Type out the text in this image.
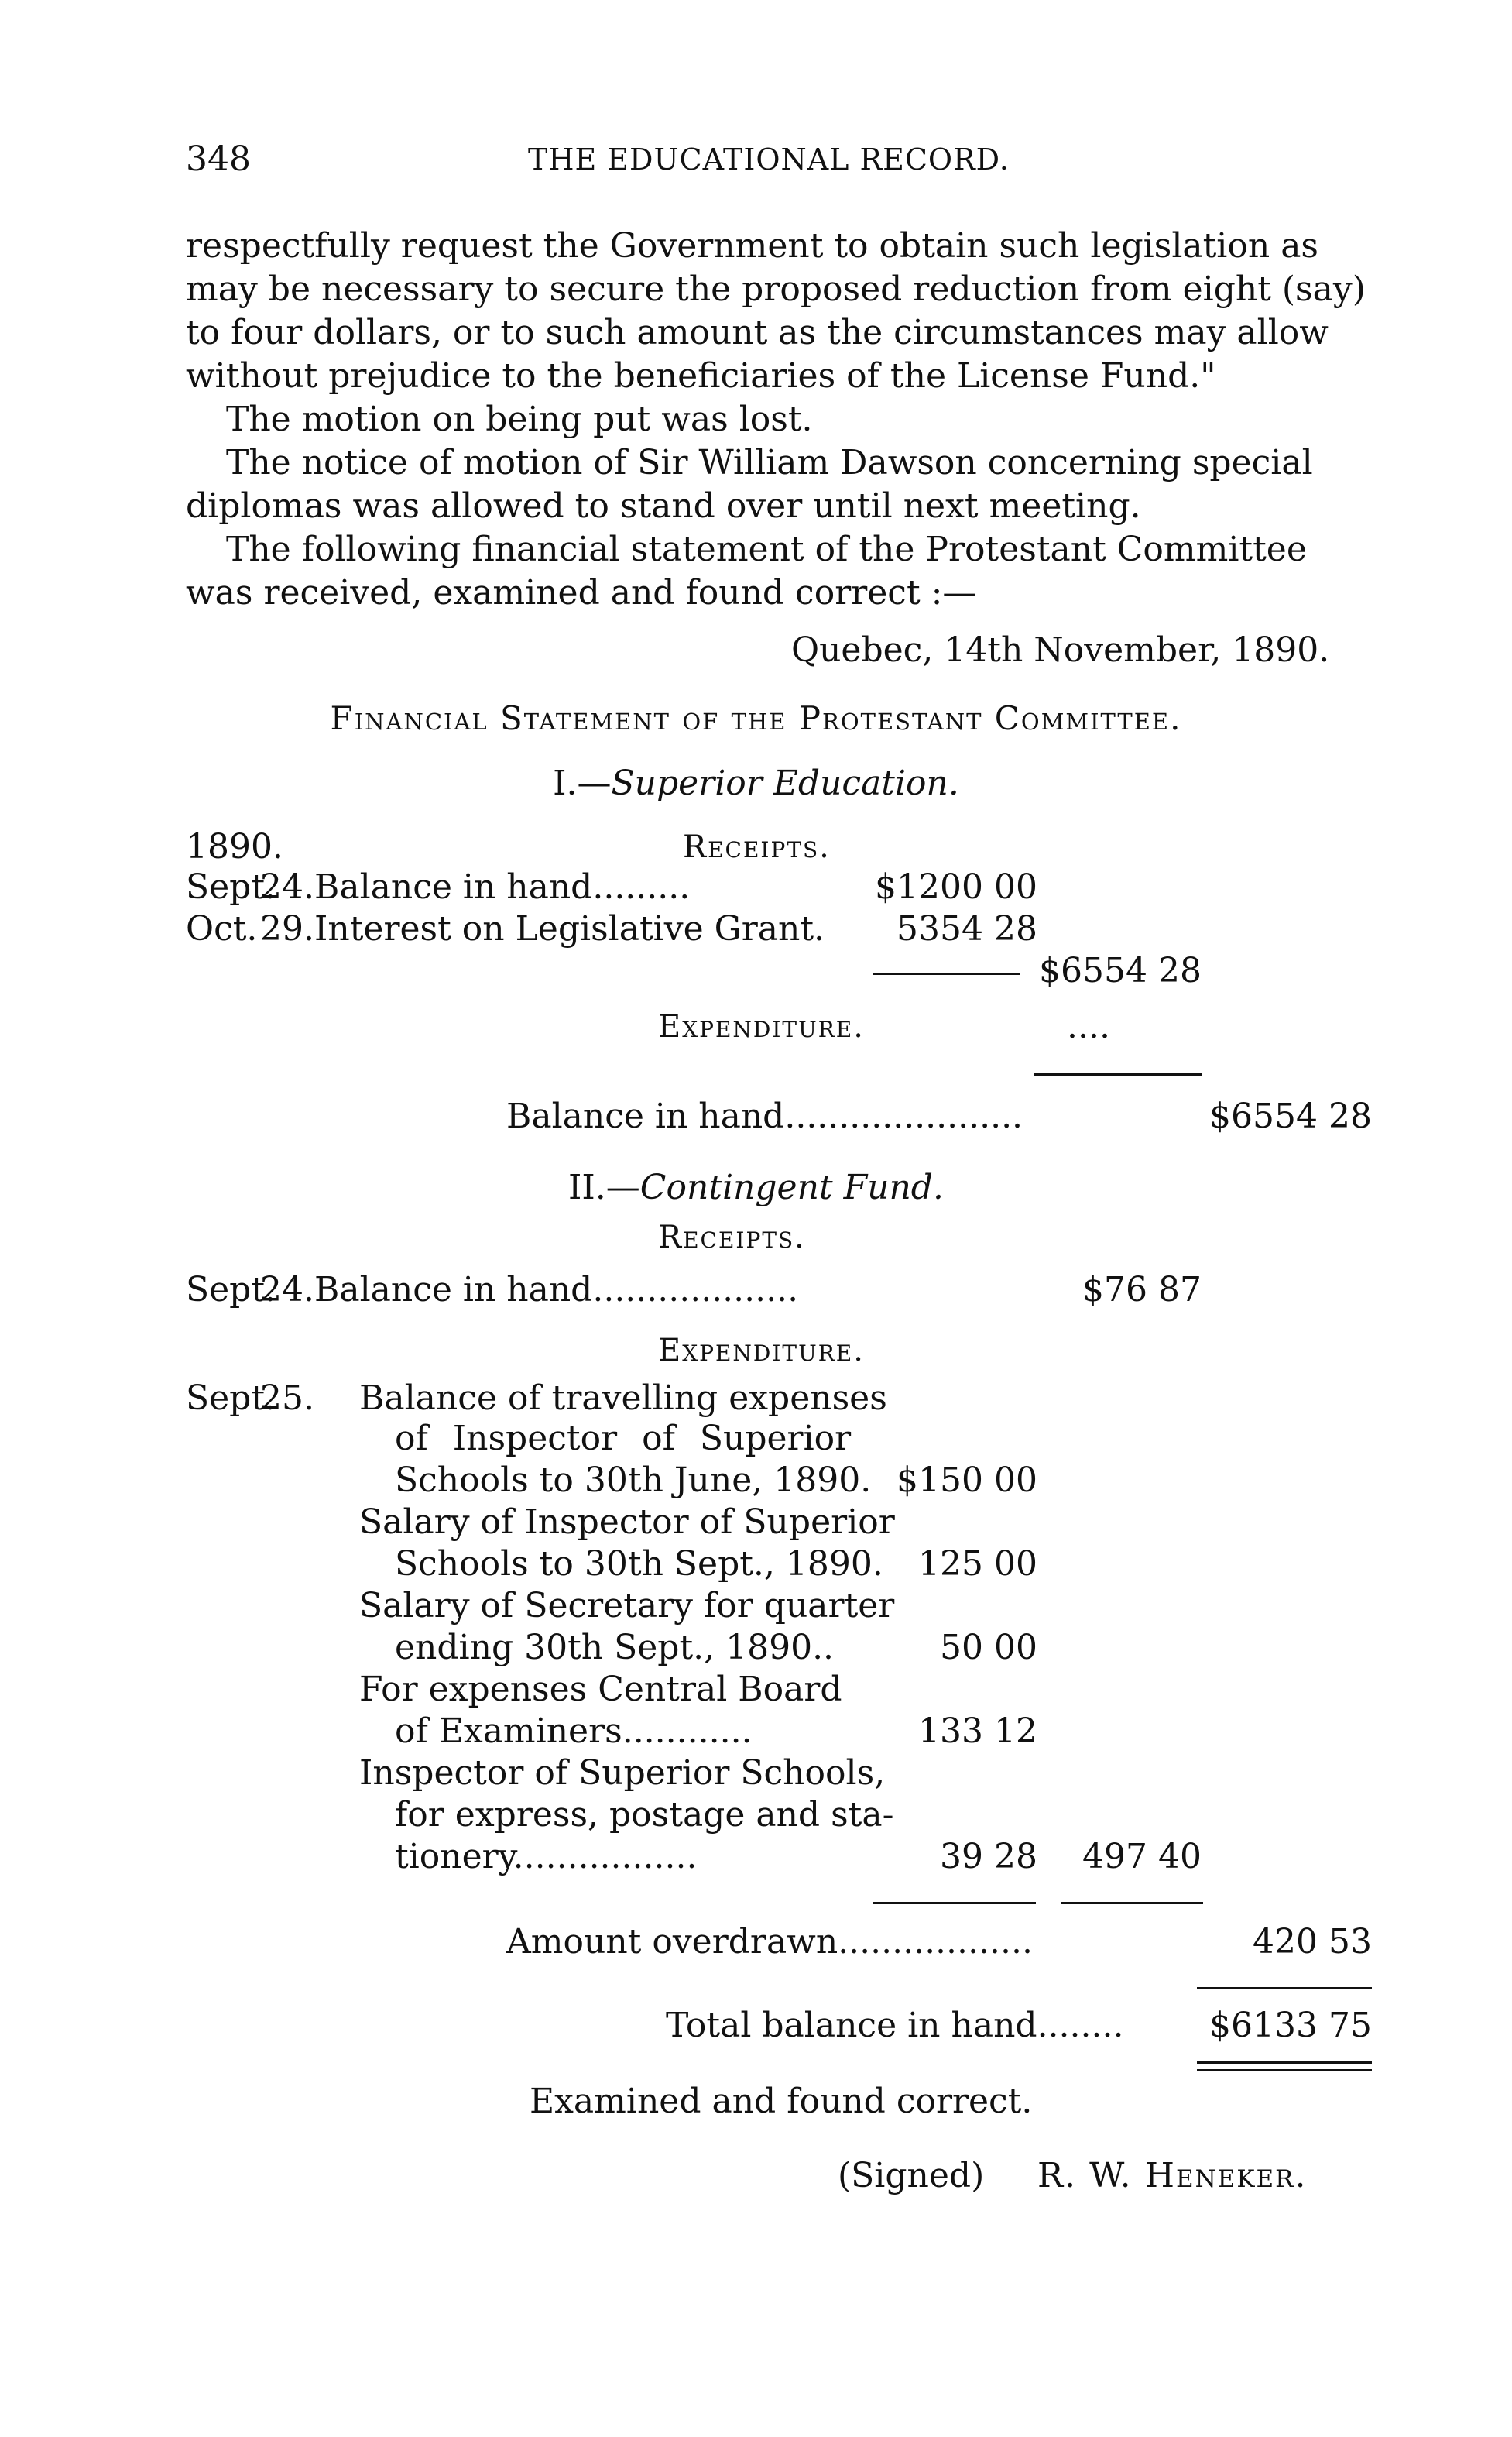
348	THE EDUCATIONAL RECORD.
respectfully request the Government to obtain such legislation as
may be necessary to secure the proposed reduction from eight (say)
to four dollars, or to such amount as the circumstances may allow
without prejudice to the beneficiaries of the License Fund."
The motion on being put was lost.
The notice of motion of Sir William Dawson concerning special
diplomas was allowed to stand over until next meeting.
The following financial statement of the Protestant Committee
was received, examined and found correct :—
Quebec, 14th November, 1890.
Financial Statement of the Protestant Committee.
I.—Superior Education.
1890.	Receipts.
Sept.24.Balance in hand.........	$1200 00
Oct.29.Interest on Legislative Grant.	5354 28
$6554 28
Expenditure.	....
Balance in hand......................	$6554 28
II.—Contingent Fund.
Receipts.
Sept.24.Balance in hand...................	$76 87
Expenditure.
Sept.25. Balance of travelling expenses
of Inspector of Superior
Schools to 30th June, 1890. $150 00
Salary of Inspector of Superior
Schools to 30th Sept., 1890.	125 00
Salary of Secretary for quarter
ending 30th Sept., 1890..	50 00
For expenses Central Board
of Examiners............	133 12
Inspector of Superior Schools,
for express, postage and sta-
tionery.................	39 28	497 40
Amount overdrawn..................	420 53
Total balance in hand........	$6133 75
Examined and found correct.
(Signed) R. W. Heneker.
